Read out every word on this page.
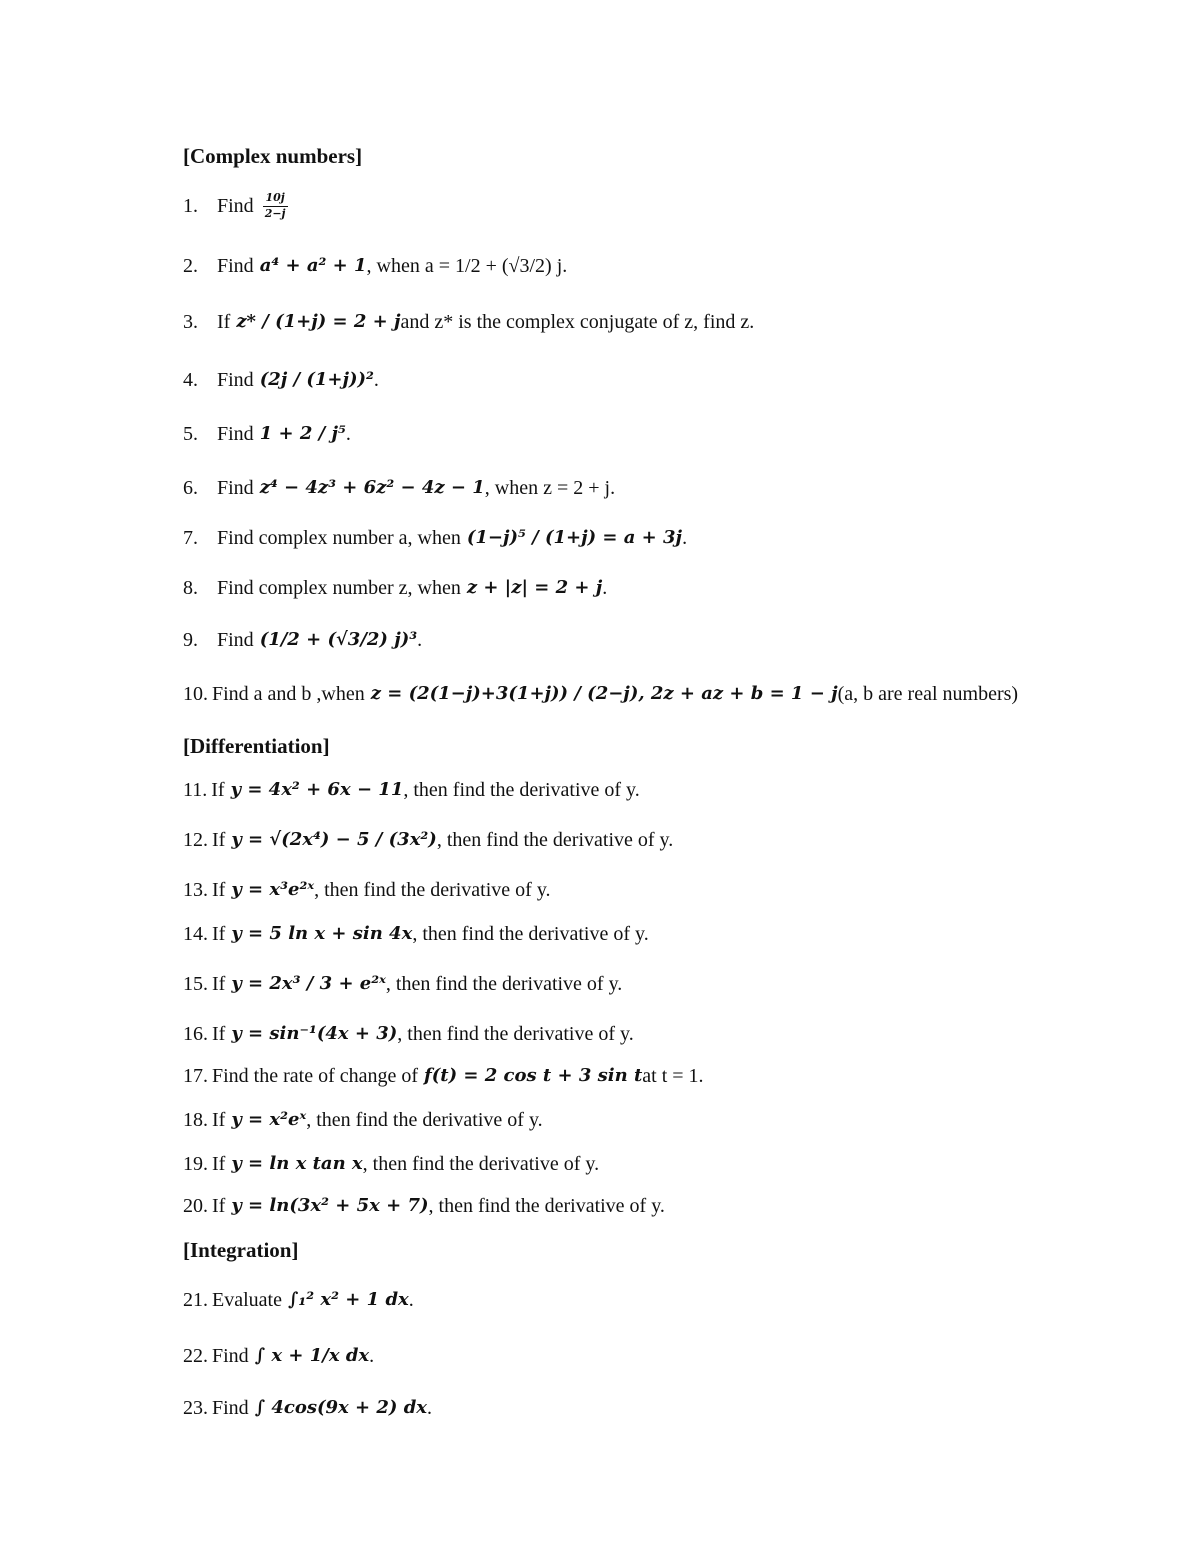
[Complex numbers]
1. Find $\frac{10j}{2-j}$
2. Find a⁴ + a² + 1 , when a = 1/2 + (√3/2) j.
3. If z* / (1+j) = 2 + j and z* is the complex conjugate of z, find z.
4. Find (2j / (1+j))² .
5. Find 1 + 2 / j⁵ .
6. Find z⁴ − 4z³ + 6z² − 4z − 1 , when z = 2 + j.
7. Find complex number a, when (1−j)⁵ / (1+j) = a + 3j .
8. Find complex number z, when z + |z| = 2 + j .
9. Find (1/2 + (√3/2) j)³ .
10. Find a and b ,when z = (2(1−j)+3(1+j)) / (2−j), 2z + az + b = 1 − j (a, b are real numbers)
[Differentiation]
11. If y = 4x² + 6x − 11 , then find the derivative of y.
12. If y = √(2x⁴) − 5 / (3x²) , then find the derivative of y.
13. If y = x³e²ˣ , then find the derivative of y.
14. If y = 5 ln x + sin 4x , then find the derivative of y.
15. If y = 2x³ / 3 + e²ˣ , then find the derivative of y.
16. If y = sin⁻¹(4x + 3) , then find the derivative of y.
17. Find the rate of change of f(t) = 2 cos t + 3 sin t at t = 1.
18. If y = x²eˣ , then find the derivative of y.
19. If y = ln x tan x , then find the derivative of y.
20. If y = ln(3x² + 5x + 7) , then find the derivative of y.
[Integration]
21. Evaluate ∫₁² x² + 1 dx .
22. Find ∫ x + 1/x dx .
23. Find ∫ 4cos(9x + 2) dx .
